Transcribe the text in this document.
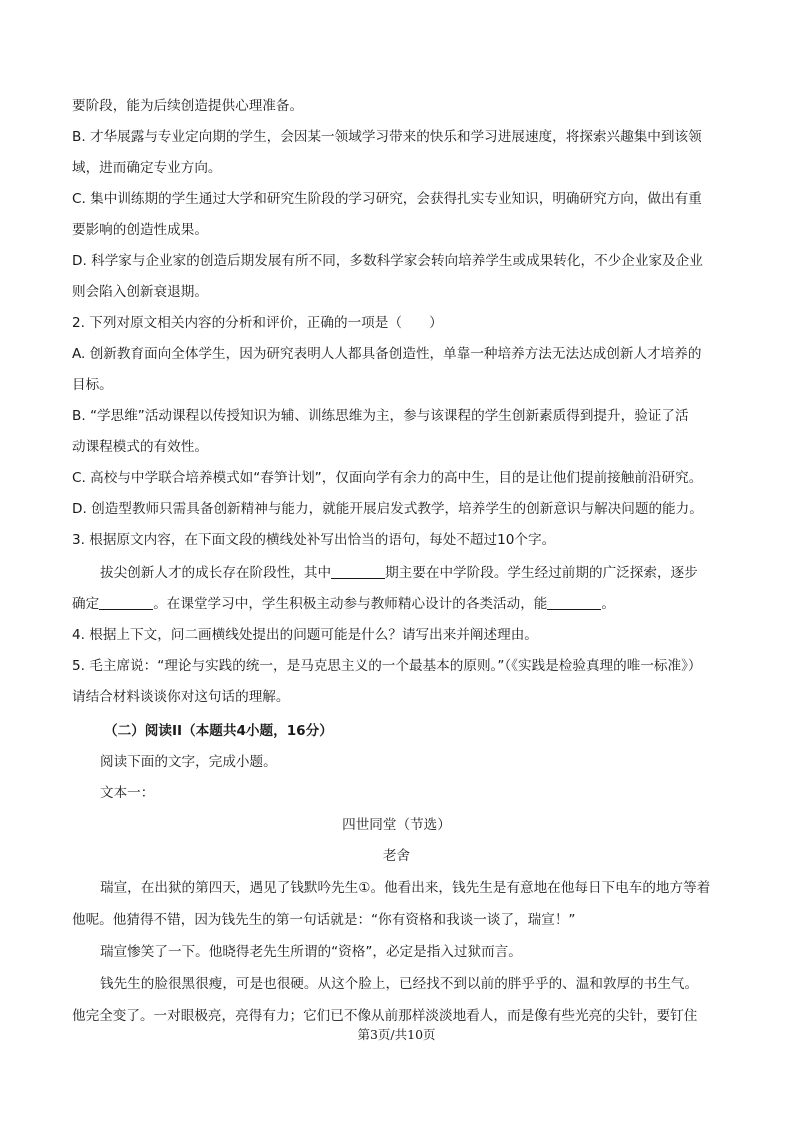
要阶段，能为后续创造提供心理准备。
B. 才华展露与专业定向期的学生，会因某一领域学习带来的快乐和学习进展速度，将探索兴趣集中到该领
域，进而确定专业方向。
C. 集中训练期的学生通过大学和研究生阶段的学习研究，会获得扎实专业知识，明确研究方向，做出有重
要影响的创造性成果。
D. 科学家与企业家的创造后期发展有所不同，多数科学家会转向培养学生或成果转化，不少企业家及企业
则会陷入创新衰退期。
2. 下列对原文相关内容的分析和评价，正确的一项是（　　）
A. 创新教育面向全体学生，因为研究表明人人都具备创造性，单靠一种培养方法无法达成创新人才培养的
目标。
B. “学思维”活动课程以传授知识为辅、训练思维为主，参与该课程的学生创新素质得到提升，验证了活
动课程模式的有效性。
C. 高校与中学联合培养模式如“春笋计划”，仅面向学有余力的高中生，目的是让他们提前接触前沿研究。
D. 创造型教师只需具备创新精神与能力，就能开展启发式教学，培养学生的创新意识与解决问题的能力。
3. 根据原文内容，在下面文段的横线处补写出恰当的语句，每处不超过10个字。
拔尖创新人才的成长存在阶段性，其中	期主要在中学阶段。学生经过前期的广泛探索，逐步
确定	。在课堂学习中，学生积极主动参与教师精心设计的各类活动，能	。
4. 根据上下文，问二画横线处提出的问题可能是什么？请写出来并阐述理由。
5. 毛主席说：“理论与实践的统一，是马克思主义的一个最基本的原则。”（《实践是检验真理的唯一标准》）
请结合材料谈谈你对这句话的理解。
（二）阅读II（本题共4小题，16分）
阅读下面的文字，完成小题。
文本一：
四世同堂（节选）
老舍
瑞宣，在出狱的第四天，遇见了钱默吟先生①。他看出来，钱先生是有意地在他每日下电车的地方等着
他呢。他猜得不错，因为钱先生的第一句话就是：“你有资格和我谈一谈了，瑞宣！”
瑞宣惨笑了一下。他晓得老先生所谓的“资格”，必定是指入过狱而言。
钱先生的脸很黑很瘦，可是也很硬。从这个脸上，已经找不到以前的胖乎乎的、温和敦厚的书生气。
他完全变了。一对眼极亮，亮得有力；它们已不像从前那样淡淡地看人，而是像有些光亮的尖针，要钉住
第3页/共10页
